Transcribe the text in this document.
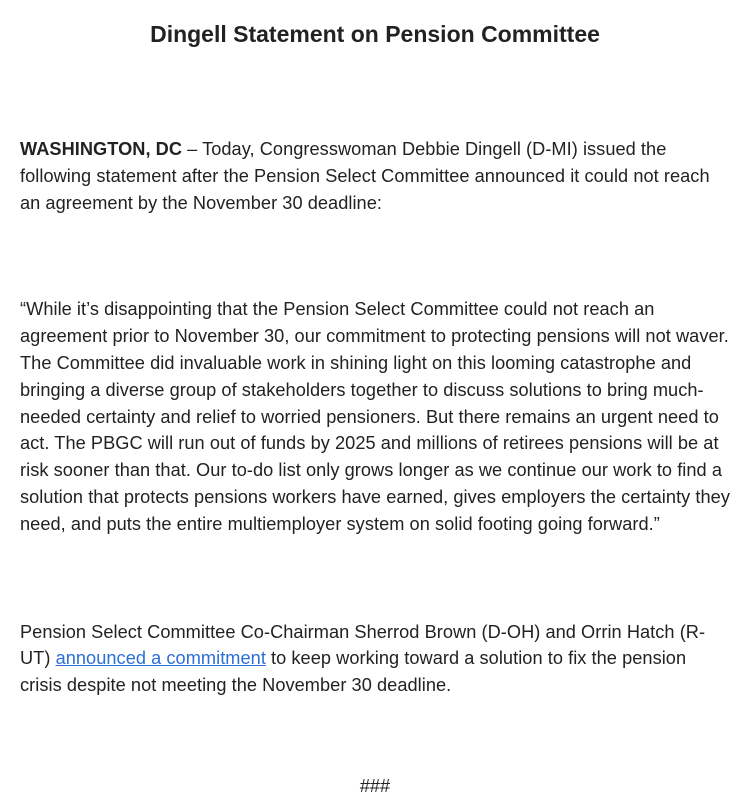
Dingell Statement on Pension Committee

WASHINGTON, DC – Today, Congresswoman Debbie Dingell (D-MI) issued the following statement after the Pension Select Committee announced it could not reach an agreement by the November 30 deadline:

“While it’s disappointing that the Pension Select Committee could not reach an agreement prior to November 30, our commitment to protecting pensions will not waver. The Committee did invaluable work in shining light on this looming catastrophe and bringing a diverse group of stakeholders together to discuss solutions to bring much-needed certainty and relief to worried pensioners. But there remains an urgent need to act. The PBGC will run out of funds by 2025 and millions of retirees pensions will be at risk sooner than that. Our to-do list only grows longer as we continue our work to find a solution that protects pensions workers have earned, gives employers the certainty they need, and puts the entire multiemployer system on solid footing going forward.”

Pension Select Committee Co-Chairman Sherrod Brown (D-OH) and Orrin Hatch (R-UT) announced a commitment to keep working toward a solution to fix the pension crisis despite not meeting the November 30 deadline.

###
